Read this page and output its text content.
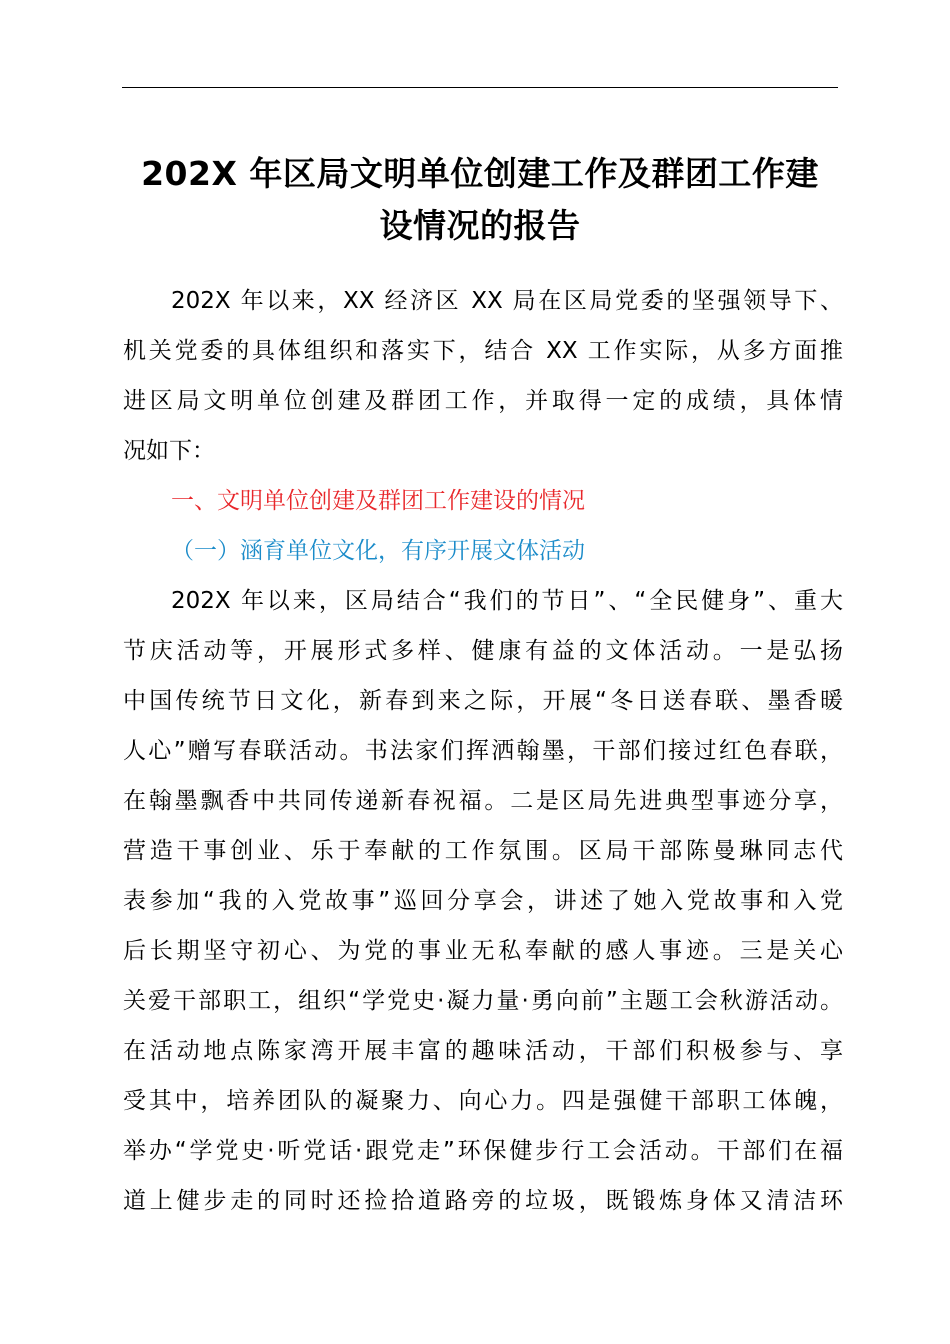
202X 年区局文明单位创建工作及群团工作建
设情况的报告
202X 年以来，XX 经济区 XX 局在区局党委的坚强领导下、
机关党委的具体组织和落实下，结合 XX 工作实际，从多方面推
进区局文明单位创建及群团工作，并取得一定的成绩，具体情
况如下：
一、文明单位创建及群团工作建设的情况
（一）涵育单位文化，有序开展文体活动
202X 年以来，区局结合“我们的节日”、“全民健身”、重大
节庆活动等，开展形式多样、健康有益的文体活动。一是弘扬
中国传统节日文化，新春到来之际，开展“冬日送春联、墨香暖
人心”赠写春联活动。书法家们挥洒翰墨，干部们接过红色春联，
在翰墨飘香中共同传递新春祝福。二是区局先进典型事迹分享，
营造干事创业、乐于奉献的工作氛围。区局干部陈曼琳同志代
表参加“我的入党故事”巡回分享会，讲述了她入党故事和入党
后长期坚守初心、为党的事业无私奉献的感人事迹。三是关心
关爱干部职工，组织“学党史·凝力量·勇向前”主题工会秋游活动。
在活动地点陈家湾开展丰富的趣味活动，干部们积极参与、享
受其中，培养团队的凝聚力、向心力。四是强健干部职工体魄，
举办“学党史·听党话·跟党走”环保健步行工会活动。干部们在福
道上健步走的同时还捡拾道路旁的垃圾，既锻炼身体又清洁环
